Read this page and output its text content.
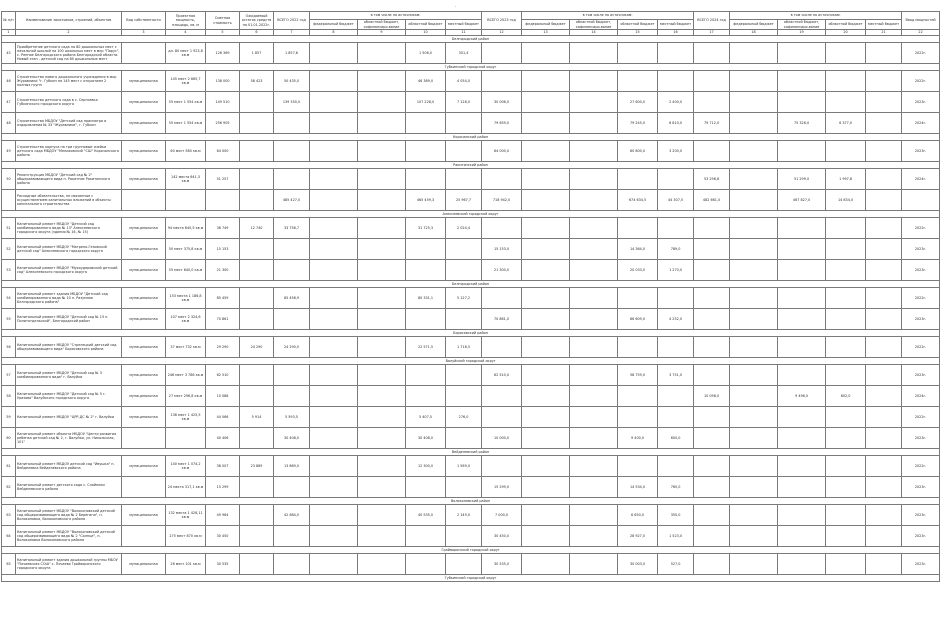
·
№ п/п	Наименование заказчиков, строений, объектов	Вид собственности	Проектная мощность, площадь, кв. м	Сметная стоимость	Ожидаемый остаток средств на 01.01.2022г.	ВСЕГО 2022 год	в том числе по источникам:				ВСЕГО 2023 год	в том числе по источникам:				ВСЕГО 2024 год	в том числе по источникам:				Ввод мощностей
							федеральный бюджет	областной бюджет, софинансиро-вание	областной бюджет	местный бюджет		федеральный бюджет	областной бюджет, софинансиро-вание	областной бюджет	местный бюджет		федеральный бюджет	областной бюджет, софинансиро-вание	областной бюджет	местный бюджет	

1	2	3	4	5	6	7	8	9	10	11	12	13	14	15	16	17	18	19	20	21	22
Белгородский район																					
45	Приобретение детского сада на 80 дошкольных мест с начальной школой на 100 школьных мест в мкр "Парус", с. Репное Белгородского района Белгородской области. Новый этап - детский сад на 80 дошкольных мест		дл. 80 мест 1 923,8 кв.м	126 369	1 857	1 857,6			1 506,0	351,4											2022г.
Губкинский городской округ																					
46	Строительство нового дошкольного учреждения в мкр Журавлики "г. Губкин на 145 мест с открытием 2 полных групп	муниципальная	145 мест 2 665,7 кв.м	138 000	58 423	50 435,0			46 389,0	4 054,0											2022г.
47	Строительство детского сада в с. Сергиевка Губкинского городского округа	муниципальная	55 мест 1 554 кв.м	149 510		139 350,0			107 228,0	7 128,0	30 006,0			27 600,0	2 400,0						2023г.
48	Строительство МБДОУ "Детский сад присмотра и оздоровления № 33 "Журавлики", г. Губкин	муниципальная	55 мест 1 554 кв.м	256 905							79 659,0			79 245,0	6 810,0	79 712,0		75 326,0	6 377,0		2024г.
Корочанский район																					
49	Строительство корпуса на три групповые ячейки детского сада МБДОУ "Мелиховский "СШ" Корочанского района	муниципальная	60 мест 580 кв.м	64 000							64 000,0			60 800,0	3 200,0						2023г.
Ракитянский район																					
50	Реконструкция МБДОУ "Детский сад № 2" общеразвивающего вида п. Ракитное Ракитянского района	муниципальная	142 места 641,3 кв.м	51 257												53 296,8		51 299,0	1 997,8		2024г.
	Расходные обязательства, не связанные с осуществлением капитальных вложений в объекты капитального строительства					485 427,0			465 459,3	25 967,7	718 942,0			674 634,5	44 307,5	482 661,0		467 827,0	14 834,0		
Алексеевский городской округ																					
51	Капитальный ремонт МБДОУ "Детский сад комбинированного вида № 13" Алексеевского городского округа (здания № 16, № 15)	муниципальная	94 места 640,5 кв.м	36 749	12 740	33 758,7			31 725,3	2 024,4											2022г.
52	Капитальный ремонт МБДОУ "Матрено-Гезовский детский сад" Алексеевского городского округа	муниципальная	50 мест 375,8 кв.м	15 153							15 153,0			14 364,0	789,0						2023г.
53	Капитальный ремонт МБДОУ "Мухоудеровский детский сад" Алексеевского городского округа	муниципальная	55 мест 640,0 кв.м	21 300							21 300,0			20 033,0	1 270,0						2023г.
Белгородский район																					
54	Капитальный ремонт здания МБДОУ "Детский сад комбинированного вида № 10 п. Разумное Белгородского района"	муниципальная	153 места 1 186,8 кв.м	85 459		85 458,9			80 331,1	5 127,2											2022г.
55	Капитальный ремонт МБДОУ "Детский сад № 15 п. Политотдельский", Белгородский район	муниципальная	107 мест 2 324,6 кв.м	70 861							70 861,0			66 609,0	4 252,0						2023г.
Борисовский район																					
56	Капитальный ремонт МБДОУ "Стрелецкий детский сад общеразвивающего вида" Борисовского района	муниципальная	37 мест 732 кв.м	29 290	24 290	24 290,0			22 571,5	1 718,5											2022г.
Валуйский городской округ																					
57	Капитальный ремонт МБДОУ "Детский сад № 3 комбинированного вида" г. Валуйки	муниципальная	246 мест 3 786 кв.м	62 510							62 510,0			58 759,0	3 751,0						2023г.
58	Капитальный ремонт МБДОУ "Детский сад № 5 г. Уразово" Валуйского городского округа	муниципальная	27 мест 296,8 кв.м	10 088												10 098,0		9 496,0	602,0		2024г.
59	Капитальный ремонт МБДОУ "ЦРР-ДС № 2" г. Валуйки	муниципальная	136 мест 1 425,5 кв.м	44 066	5 914	5 593,5			5 407,5	276,0											2022г.
60	Капитальный ремонт объекта МБДОУ "Центр развития ребенка детский сад № 2, г. Валуйки, ул. Никольская, 101"			40 406		30 408,0			30 408,0		10 000,0			9 400,0	600,0						2023г.
Вейделевский район																					
61	Капитальный ремонт МБДОУ детский сад "Ивушка" п. Вейделевка Вейделевского района	муниципальная	140 мест 1 074,2 кв.м	38 007	23 889	13 869,0			12 300,0	1 569,0											2022г.
62	Капитальный ремонт детского сада с. Слайники Вейделевского района		24 места 317,1 кв.м	15 299							15 299,0			14 534,0	765,0						2023г.
Волоконовский район																					
63	Капитальный ремонт МБДОУ "Волоконовский детский сад общеразвивающего вида № 2 Берегиня", п. Волоконовка, Волоконовского района	муниципальная	132 места 1 428,11 кв.м	49 964		42 684,0			40 535,0	2 149,0	7 000,0			6 650,0	350,0						2023г.
64	Капитальный ремонт МБДОУ "Волоконовский детский сад общеразвивающего вида № 2 "Солнце", п. Волоконовка Волоконовского района		275 мест 870 кв.м	30 450							30 450,0			28 927,0	1 523,0						2023г.
Грайворонский городской округ																					
65	Капитальный ремонт здания дошкольной группы МБОУ "Почаевская СОШ" с. Почаево Грайворонского городского округа	муниципальная	26 мест 101 кв.м	30 535							30 535,0			30 003,0	527,0						2023г.
Губкинский городской округ																					
